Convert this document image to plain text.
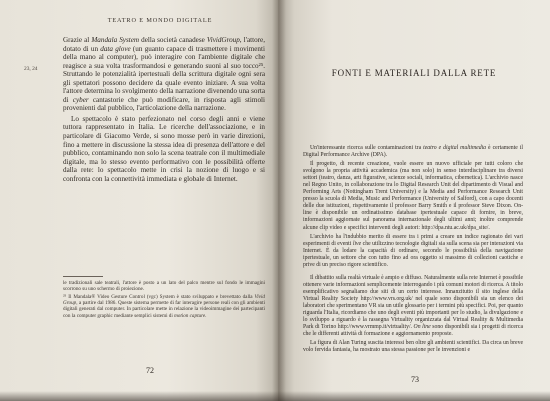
TEATRO E MONDO DIGITALE
23, 24

Grazie al Mandala System della società canadese VividGroup, l'attore, dotato di un data glove (un guanto capace di trasmettere i movimenti della mano al computer), può interagire con l'ambiente digitale che reagisce a sua volta trasformandosi e generando suoni al suo tocco²⁵. Struttando le potenzialità ipertestuali della scrittura digitale ogni sera gli spettatori possono decidere da quale evento iniziare. A sua volta l'attore determina lo svolgimento della narrazione divenendo una sorta di cyber cantastorie che può modificare, in risposta agli stimoli provenienti dal pubblico, l'articolazione della narrazione.

Lo spettacolo è stato perfezionato nel corso degli anni e viene tuttora rappresentato in Italia. Le ricerche dell'associazione, e in particolare di Giacomo Verde, si sono mosse però in varie direzioni, fino a mettere in discussione la stessa idea di presenza dell'attore e del pubblico, contaminando non solo la scena teatrale con il multimediale digitale, ma lo stesso evento performativo con le possibilità offerte dalla rete: lo spettacolo mette in crisi la nozione di luogo e si confronta con la connettività immediata e globale di Internet.

le tradizionali sale teatrali, l'attore è posto a un lato del palco mentre sul fondo le immagini scorrono su uno schermo di proiezione.

²⁵ Il Mandala® Video Gesture Control (vgc) System è stato sviluppato e brevettato dalla Vivid Group, a partire dal 1986. Queste sistema permette di far interagire persone reali con gli ambienti digitali generati dal computer. In particolare mette in relazione la videoimmagine dei partecipanti con la computer graphic mediante semplici sistemi di motion capture.

72
FONTI E MATERIALI DALLA RETE

Un'interessante ricerca sulle contaminazioni tra teatro e digital multimedia è certamente il Digital Performance Archive (DPA).

Il progetto, di recente creazione, vuole essere un nuovo ufficiale per tutti coloro che svolgono la propria attività accademica (ma non solo) in senso interdisciplinare tra diversi settori (teatro, danza, arti figurative, scienze sociali, informatica, cibernetica). L'archivio nasce nel Regno Unito, in collaborazione tra lo Digital Research Unit del dipartimento di Visual and Performing Arts (Nottingham Trent University) e la Media and Performance Research Unit presso la scuola di Media, Music and Performance (University of Salford), con a capo docenti delle due istituzioni, rispettivamente il professor Barry Smith e il professor Steve Dixon. On-line è disponibile un ordinatissimo database ipertestuale capace di fornire, in breve, informazioni aggiornate sul panorama internazionale degli ultimi anni; inoltre comprende alcune clip video e specifici interventi degli autori: http://dpa.ntu.ac.uk/dpa_site/.

L'archivio ha l'indubbio merito di essere tra i primi a creare un indice ragionato dei vari esperimenti di eventi live che utilizzino tecnologie digitali sia sulla scena sia per interazioni via Internet. È da lodare la capacità di ordinare, secondo le possibilità della navigazione ipertestuale, un settore che con tutto fino ad ora oggetto si massimo di collezioni caotiche e prive di un preciso rigore scientifico.

Il dibattito sulla realtà virtuale è ampio e diffuso. Naturalmente sulla rete Internet è possibile ottenere varie informazioni semplicemente interrogando i più comuni motori di ricerca. A titolo esemplificativo segnaliamo due siti di un certo interesse. Innanzitutto il sito inglese della Virtual Reality Society http://www.vrs.org.uk/ nel quale sono disponibili sia un elenco dei laboratori che sperimentano VR sia un utile glossario per i termini più specifici. Poi, per quanto riguarda l'Italia, ricordiamo che uno degli eventi più importanti per lo studio, la divulgazione e lo sviluppo a riguardo è la rassegna Virtuality organizzata dal Virtual Reality & Multimedia Park di Torino http://www.vrmmp.it/virtuality/. On line sono disponibili sia i progetti di ricerca che le differenti attività di formazione e aggiornamento proposte.

La figura di Alan Turing suscita interessi ben oltre gli ambienti scientifici. Da circa un breve volo fervida fantasia, ha mostrato una stessa passione per le invenzioni e

73
